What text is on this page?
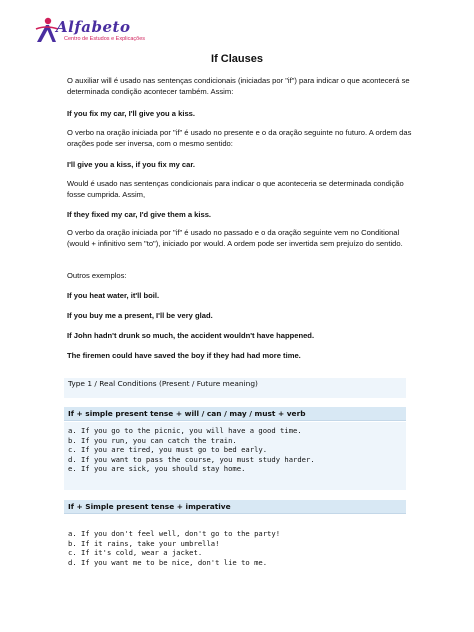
Alfabeto
Centro de Estudos e Explicações
If Clauses

O auxiliar will é usado nas sentenças condicionais (iniciadas por "if") para indicar o que acontecerá se determinada condição acontecer também. Assim:

If you fix my car, I'll give you a kiss.

O verbo na oração iniciada por "if" é usado no presente e o da oração seguinte no futuro. A ordem das orações pode ser inversa, com o mesmo sentido:

I'll give you a kiss, if you fix my car.

Would é usado nas sentenças condicionais para indicar o que aconteceria se determinada condição fosse cumprida. Assim,

If they fixed my car, I'd give them a kiss.

O verbo da oração iniciada por "if" é usado no passado e o da oração seguinte vem no Conditional (would + infinitivo sem "to"), iniciado por would. A ordem pode ser invertida sem prejuízo do sentido.

Outros exemplos:

If you heat water, it'll boil.

If you buy me a present, I'll be very glad.

If John hadn't drunk so much, the accident wouldn't have happened.

The firemen could have saved the boy if they had had more time.

Type 1 / Real Conditions (Present / Future meaning)
If + simple present tense + will / can / may / must + verb
a. If you go to the picnic, you will have a good time.
b. If you run, you can catch the train.
c. If you are tired, you must go to bed early.
d. If you want to pass the course, you must study harder.
e. If you are sick, you should stay home.
If + Simple present tense + imperative
a. If you don't feel well, don't go to the party!
b. If it rains, take your umbrella!
c. If it's cold, wear a jacket.
d. If you want me to be nice, don't lie to me.
